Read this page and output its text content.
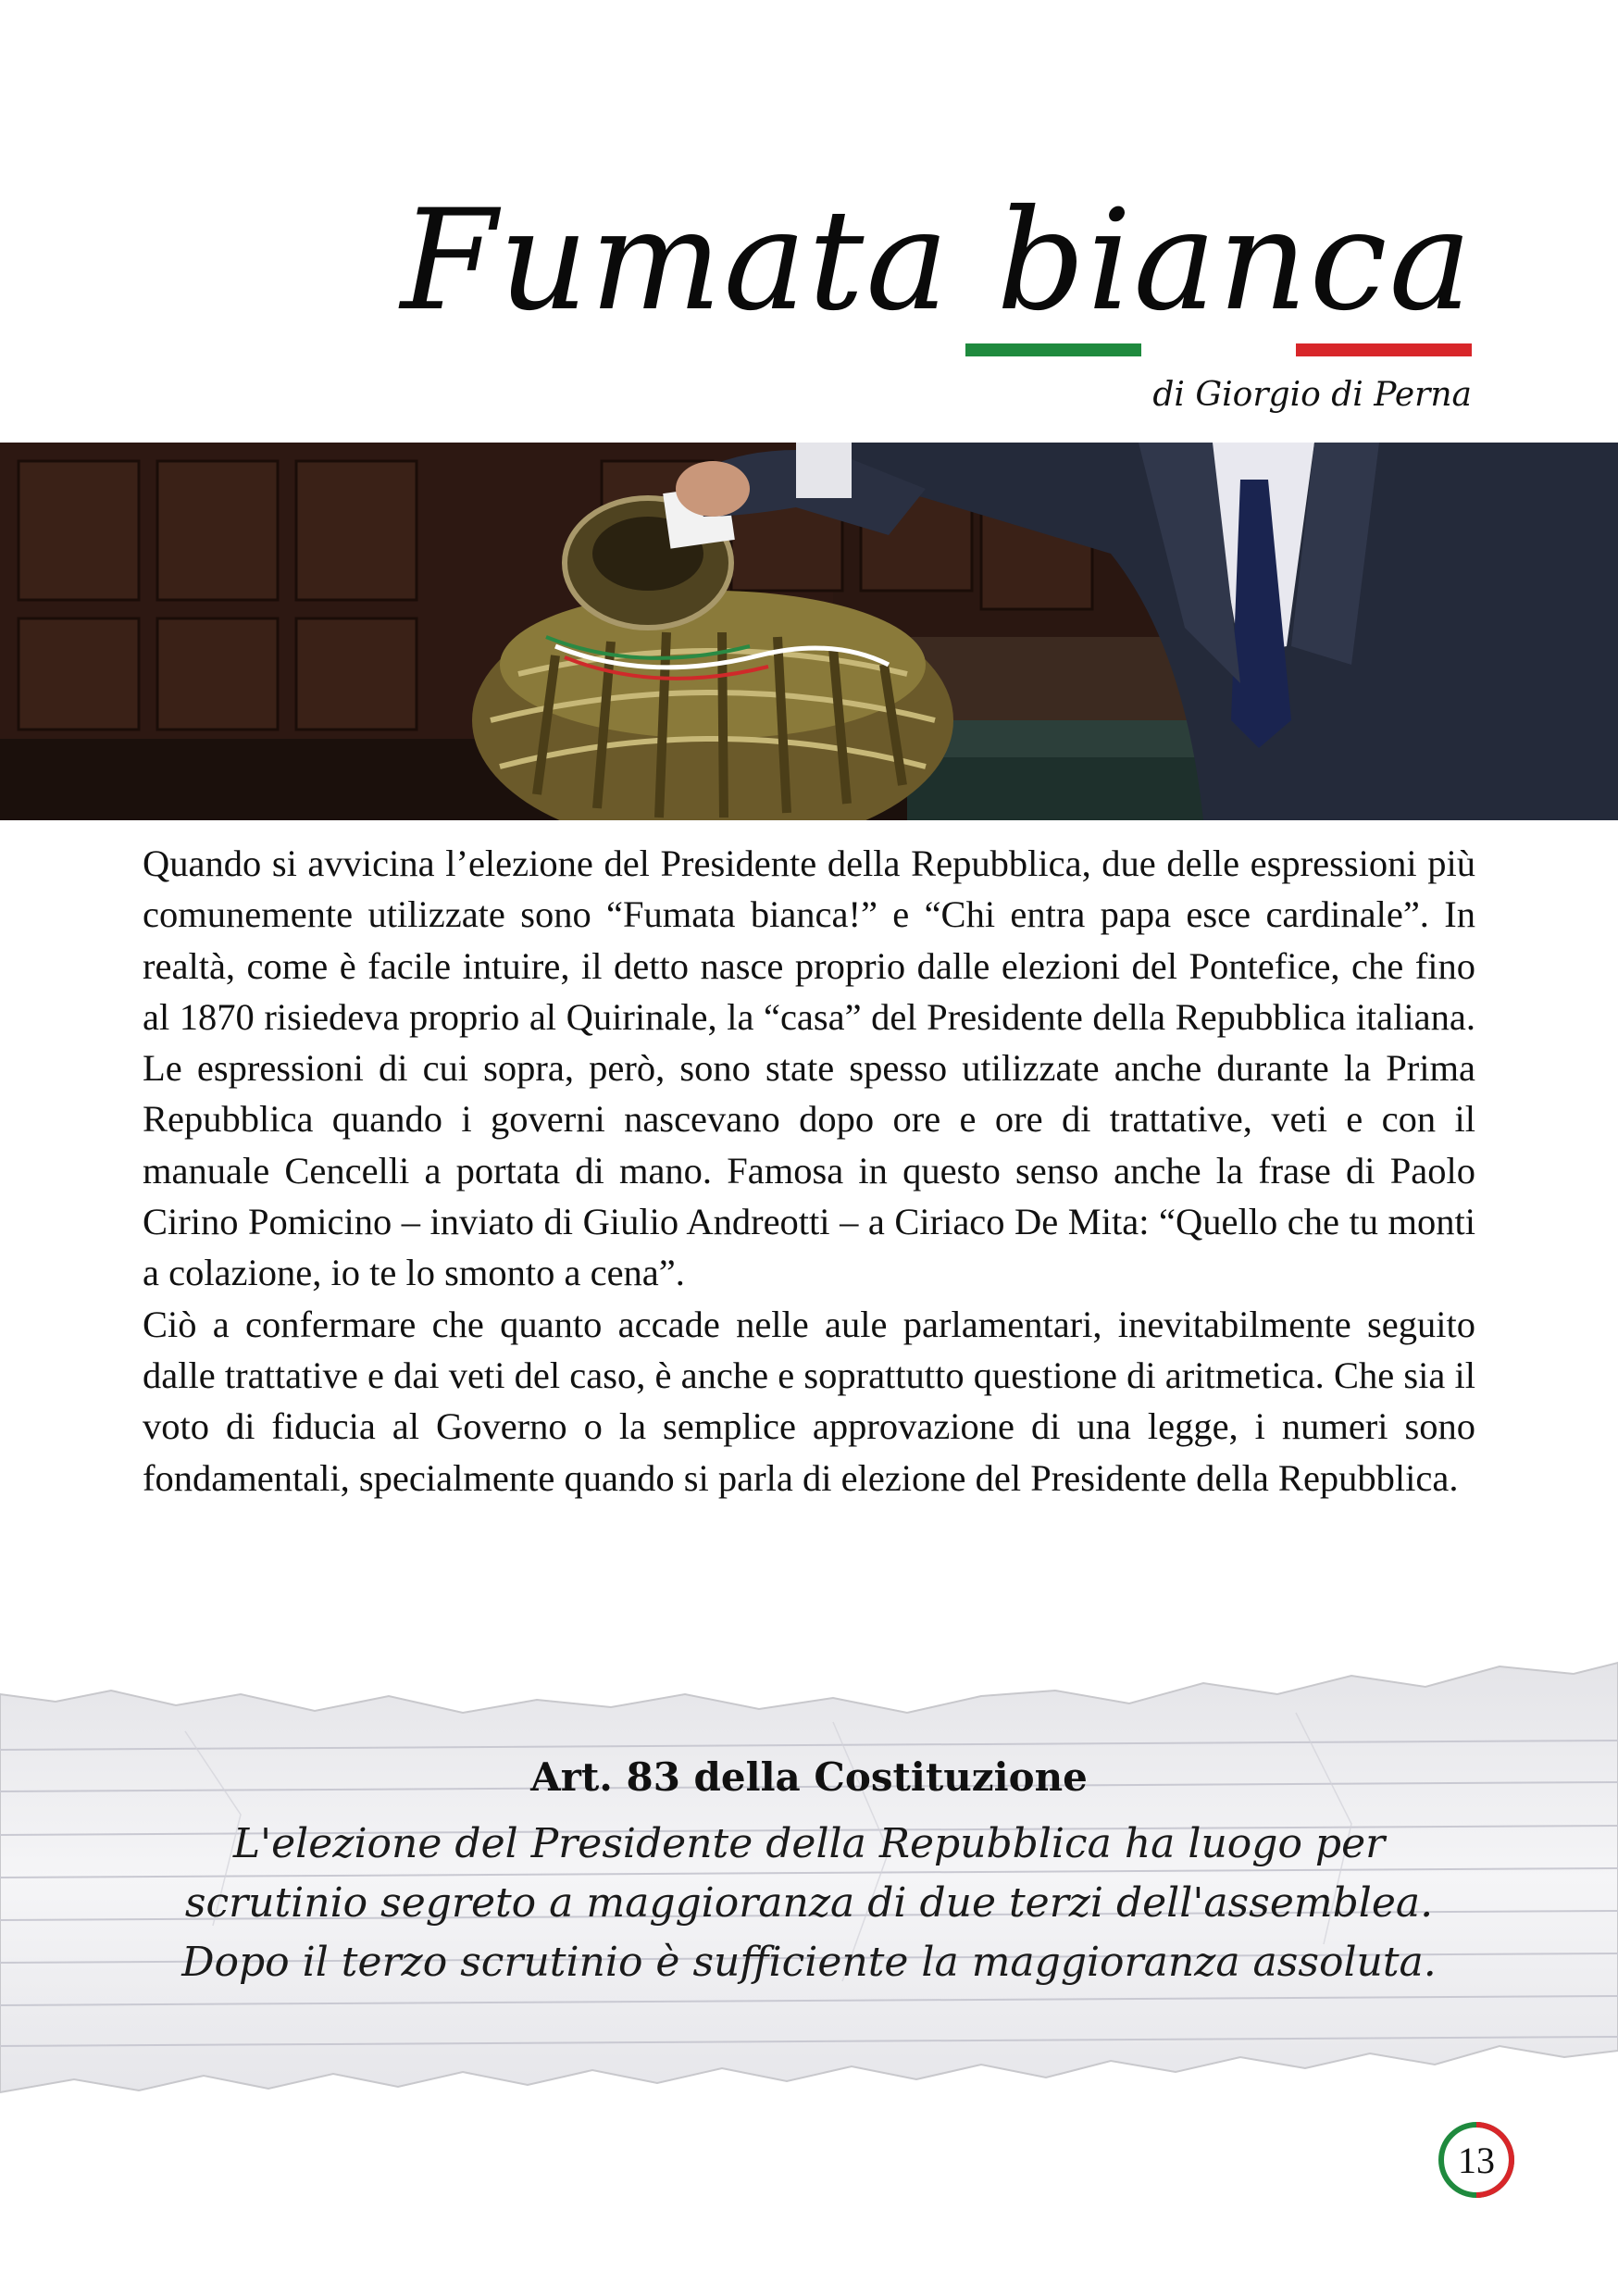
Fumata bianca
di Giorgio di Perna

Quando si avvicina l’elezione del Presidente della Repubblica, due delle espressioni più comunemente utilizzate sono “Fumata bianca!” e “Chi entra papa esce cardinale”. In realtà, come è facile intuire, il detto nasce proprio dalle elezioni del Pontefice, che fino al 1870 risiedeva proprio al Quirinale, la “casa” del Presidente della Repubblica italiana. Le espressioni di cui sopra, però, sono state spesso utilizzate anche durante la Prima Repubblica quando i governi nascevano dopo ore e ore di trattative, veti e con il manuale Cencelli a portata di mano. Famosa in questo senso anche la frase di Paolo Cirino Pomicino – inviato di Giulio Andreotti – a Ciriaco De Mita: “Quello che tu monti a colazione, io te lo smonto a cena”.

Ciò a confermare che quanto accade nelle aule parlamentari, inevitabilmente seguito dalle trattative e dai veti del caso, è anche e soprattutto questione di aritmetica. Che sia il voto di fiducia al Governo o la semplice approvazione di una legge, i numeri sono fondamentali, specialmente quando si parla di elezione del Presidente della Repubblica.

Art. 83 della Costituzione
L'elezione del Presidente della Repubblica ha luogo per
scrutinio segreto a maggioranza di due terzi dell'assemblea.
Dopo il terzo scrutinio è sufficiente la maggioranza assoluta.
13
